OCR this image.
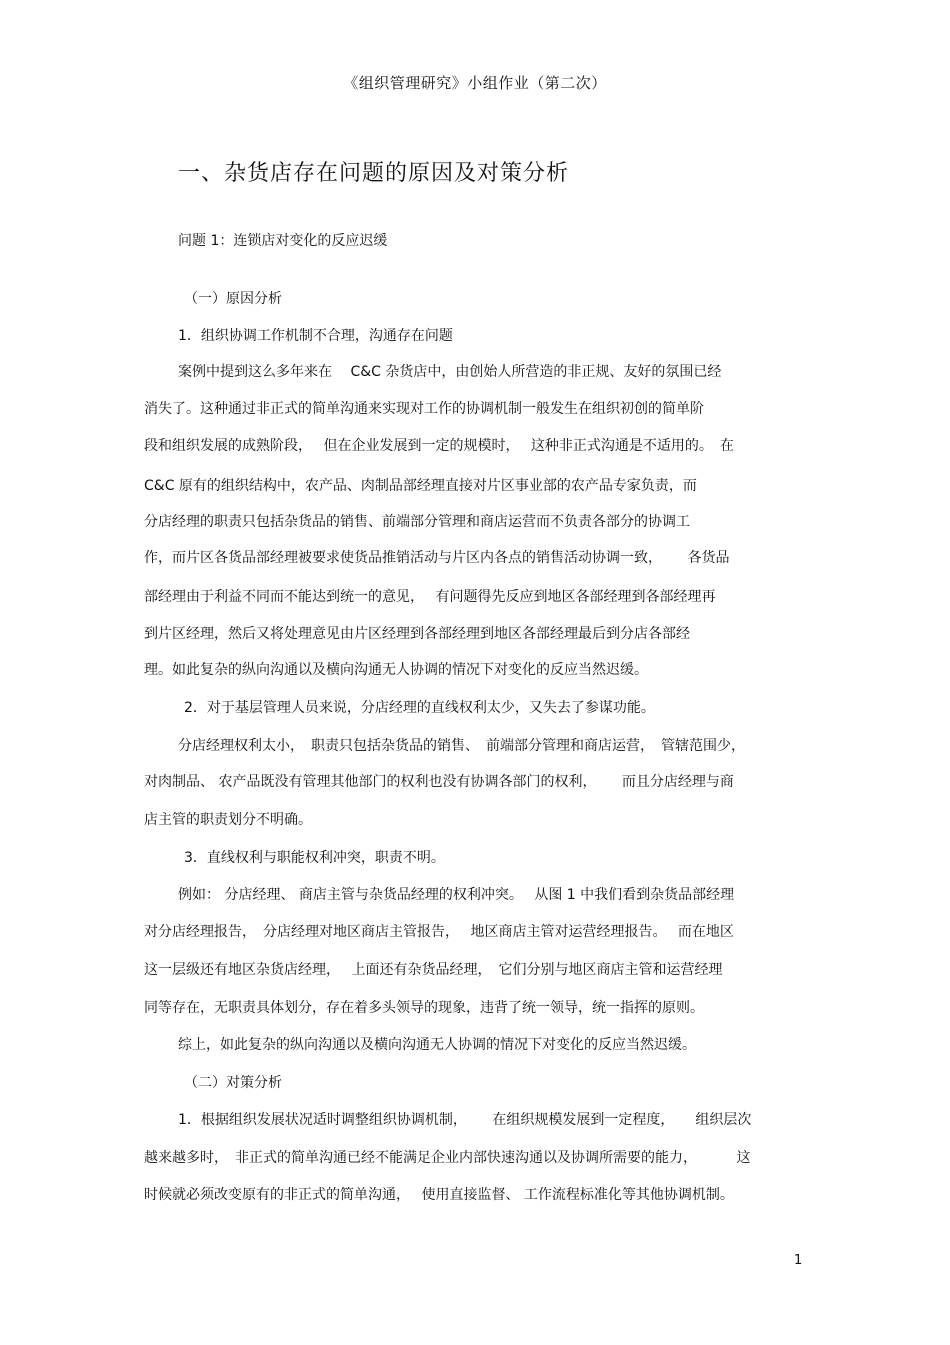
《组织管理研究》小组作业（第二次）
一、杂货店存在问题的原因及对策分析
问题 1：连锁店对变化的反应迟缓
（一）原因分析
1．组织协调工作机制不合理，沟通存在问题
案例中提到这么多年来在　 C&C 杂货店中，由创始人所营造的非正规、友好的氛围已经
消失了。这种通过非正式的简单沟通来实现对工作的协调机制一般发生在组织初创的简单阶
段和组织发展的成熟阶段，　 但在企业发展到一定的规模时，　 这种非正式沟通是不适用的。　在
C&C 原有的组织结构中，农产品、肉制品部经理直接对片区事业部的农产品专家负责，而
分店经理的职责只包括杂货品的销售、前端部分管理和商店运营而不负责各部分的协调工
作，而片区各货品部经理被要求使货品推销活动与片区内各点的销售活动协调一致，　　 各货品
部经理由于利益不同而不能达到统一的意见，　 有问题得先反应到地区各部经理到各部经理再
到片区经理，然后又将处理意见由片区经理到各部经理到地区各部经理最后到分店各部经
理。如此复杂的纵向沟通以及横向沟通无人协调的情况下对变化的反应当然迟缓。
2．对于基层管理人员来说，分店经理的直线权利太少，又失去了参谋功能。
分店经理权利太小，　职责只包括杂货品的销售、　前端部分管理和商店运营，　管辖范围少，
对肉制品、 农产品既没有管理其他部门的权利也没有协调各部门的权利，　　 而且分店经理与商
店主管的职责划分不明确。
3．直线权利与职能权利冲突，职责不明。
例如： 分店经理、 商店主管与杂货品经理的权利冲突。　 从图 1 中我们看到杂货品部经理
对分店经理报告，　分店经理对地区商店主管报告，　 地区商店主管对运营经理报告。　 而在地区
这一层级还有地区杂货店经理，　 上面还有杂货品经理，　它们分别与地区商店主管和运营经理
同等存在，无职责具体划分，存在着多头领导的现象，违背了统一领导，统一指挥的原则。
综上，如此复杂的纵向沟通以及横向沟通无人协调的情况下对变化的反应当然迟缓。
（二）对策分析
1．根据组织发展状况适时调整组织协调机制，　　 在组织规模发展到一定程度，　　组织层次
越来越多时，　非正式的简单沟通已经不能满足企业内部快速沟通以及协调所需要的能力，　　　 这
时候就必须改变原有的非正式的简单沟通，　 使用直接监督、 工作流程标准化等其他协调机制。
1
